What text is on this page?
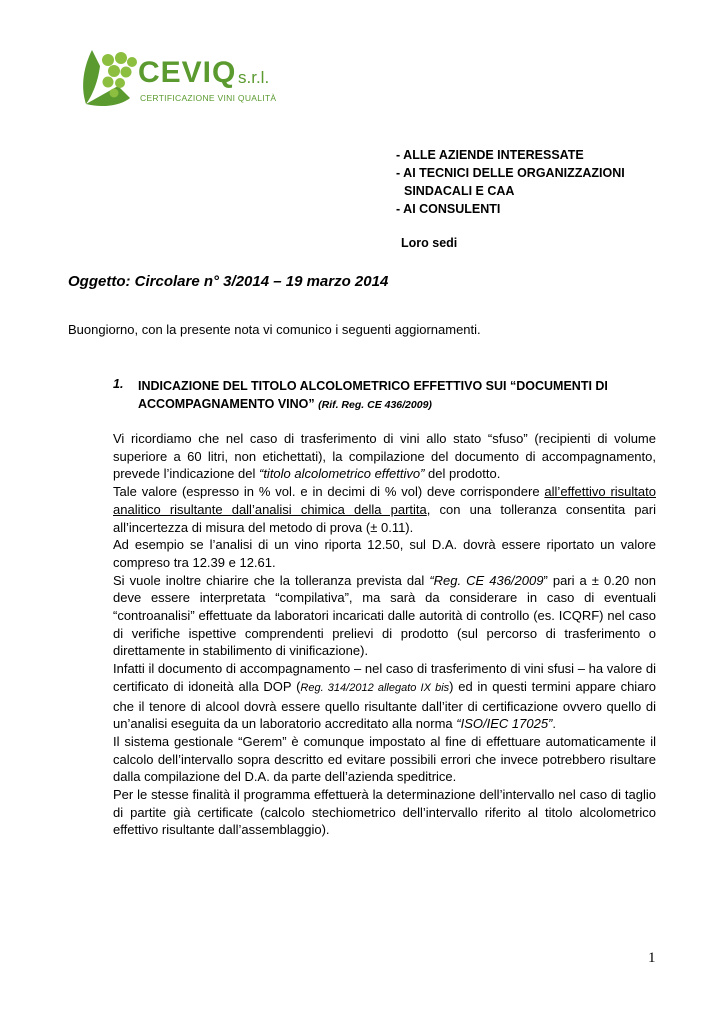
CEVIQ s.r.l.
CERTIFICAZIONE VINI QUALITÀ
- ALLE AZIENDE INTERESSATE
- AI TECNICI DELLE ORGANIZZAZIONI
SINDACALI E CAA
- AI CONSULENTI
Loro sedi
Oggetto: Circolare n° 3/2014 – 19 marzo 2014
Buongiorno, con la presente nota vi comunico i seguenti aggiornamenti.
1. INDICAZIONE DEL TITOLO ALCOLOMETRICO EFFETTIVO SUI “DOCUMENTI DI ACCOMPAGNAMENTO VINO” (Rif. Reg. CE 436/2009)

Vi ricordiamo che nel caso di trasferimento di vini allo stato “sfuso” (recipienti di volume superiore a 60 litri, non etichettati), la compilazione del documento di accompagnamento, prevede l’indicazione del “titolo alcolometrico effettivo” del prodotto.

Tale valore (espresso in % vol. e in decimi di % vol) deve corrispondere all’effettivo risultato analitico risultante dall’analisi chimica della partita, con una tolleranza consentita pari all’incertezza di misura del metodo di prova (± 0.11).

Ad esempio se l’analisi di un vino riporta 12.50, sul D.A. dovrà essere riportato un valore compreso tra 12.39 e 12.61.

Si vuole inoltre chiarire che la tolleranza prevista dal “Reg. CE 436/2009” pari a ± 0.20 non deve essere interpretata “compilativa”, ma sarà da considerare in caso di eventuali “controanalisi” effettuate da laboratori incaricati dalle autorità di controllo (es. ICQRF) nel caso di verifiche ispettive comprendenti prelievi di prodotto (sul percorso di trasferimento o direttamente in stabilimento di vinificazione).

Infatti il documento di accompagnamento – nel caso di trasferimento di vini sfusi – ha valore di certificato di idoneità alla DOP (Reg. 314/2012 allegato IX bis) ed in questi termini appare chiaro che il tenore di alcool dovrà essere quello risultante dall’iter di certificazione ovvero quello di un’analisi eseguita da un laboratorio accreditato alla norma “ISO/IEC 17025”.

Il sistema gestionale “Gerem” è comunque impostato al fine di effettuare automaticamente il calcolo dell’intervallo sopra descritto ed evitare possibili errori che invece potrebbero risultare dalla compilazione del D.A. da parte dell’azienda speditrice.

Per le stesse finalità il programma effettuerà la determinazione dell’intervallo nel caso di taglio di partite già certificate (calcolo stechiometrico dell’intervallo riferito al titolo alcolometrico effettivo risultante dall’assemblaggio).

1
